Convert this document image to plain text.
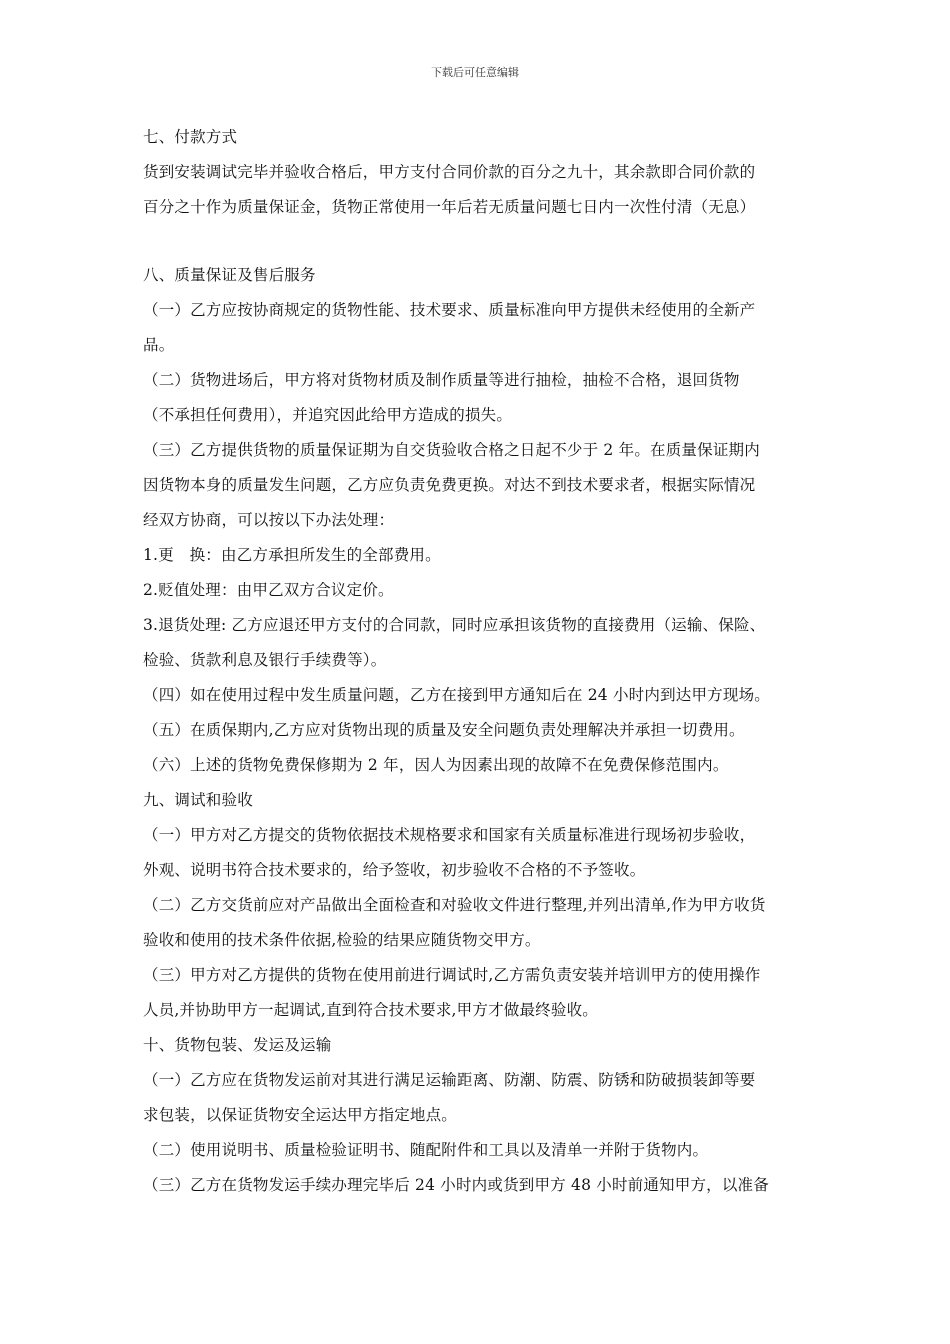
下载后可任意编辑
七、付款方式
货到安装调试完毕并验收合格后，甲方支付合同价款的百分之九十，其余款即合同价款的
百分之十作为质量保证金，货物正常使用一年后若无质量问题七日内一次性付清（无息）
八、质量保证及售后服务
（一）乙方应按协商规定的货物性能、技术要求、质量标准向甲方提供未经使用的全新产
品。
（二）货物进场后，甲方将对货物材质及制作质量等进行抽检，抽检不合格，退回货物
（不承担任何费用），并追究因此给甲方造成的损失。
（三）乙方提供货物的质量保证期为自交货验收合格之日起不少于 2 年。在质量保证期内
因货物本身的质量发生问题，乙方应负责免费更换。对达不到技术要求者，根据实际情况
经双方协商，可以按以下办法处理：
1.更　换：由乙方承担所发生的全部费用。
2.贬值处理：由甲乙双方合议定价。
3.退货处理: 乙方应退还甲方支付的合同款，同时应承担该货物的直接费用（运输、保险、
检验、货款利息及银行手续费等）。
（四）如在使用过程中发生质量问题，乙方在接到甲方通知后在 24 小时内到达甲方现场。
（五）在质保期内,乙方应对货物出现的质量及安全问题负责处理解决并承担一切费用。
（六）上述的货物免费保修期为 2 年，因人为因素出现的故障不在免费保修范围内。
九、调试和验收
（一）甲方对乙方提交的货物依据技术规格要求和国家有关质量标准进行现场初步验收，
外观、说明书符合技术要求的，给予签收，初步验收不合格的不予签收。
（二）乙方交货前应对产品做出全面检查和对验收文件进行整理,并列出清单,作为甲方收货
验收和使用的技术条件依据,检验的结果应随货物交甲方。
（三）甲方对乙方提供的货物在使用前进行调试时,乙方需负责安装并培训甲方的使用操作
人员,并协助甲方一起调试,直到符合技术要求,甲方才做最终验收。
十、货物包装、发运及运输
（一）乙方应在货物发运前对其进行满足运输距离、防潮、防震、防锈和防破损装卸等要
求包装，以保证货物安全运达甲方指定地点。
（二）使用说明书、质量检验证明书、随配附件和工具以及清单一并附于货物内。
（三）乙方在货物发运手续办理完毕后 24 小时内或货到甲方 48 小时前通知甲方，以准备
